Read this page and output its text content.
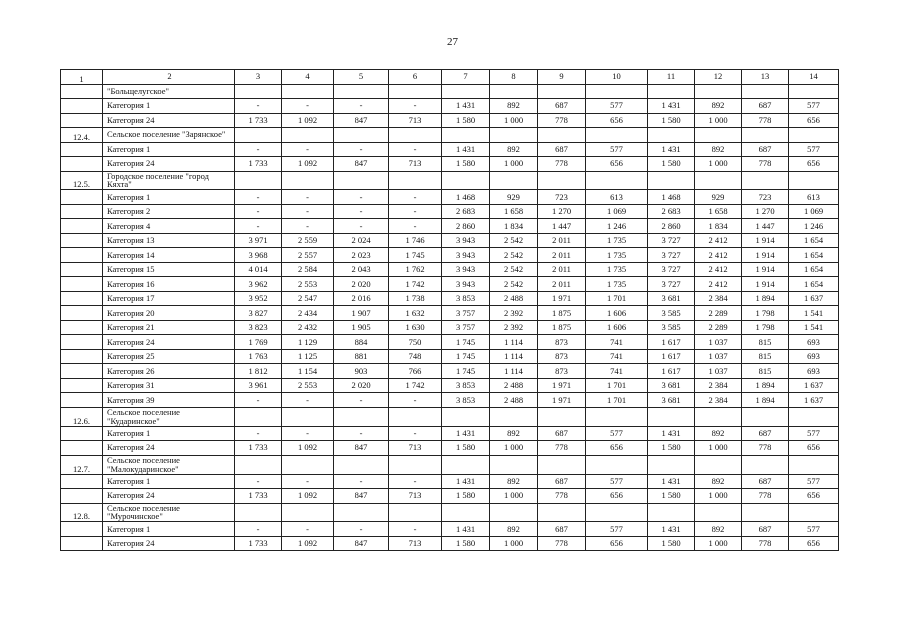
27
1	2	3	4	5	6	7	8	9	10	11	12	13	14
	"Больщелугское"												
	Категория 1	-	-	-	-	1 431	892	687	577	1 431	892	687	577
	Категория 24	1 733	1 092	847	713	1 580	1 000	778	656	1 580	1 000	778	656
12.4.	Сельское поселение "Зарянское"												
	Категория 1	-	-	-	-	1 431	892	687	577	1 431	892	687	577
	Категория 24	1 733	1 092	847	713	1 580	1 000	778	656	1 580	1 000	778	656
12.5.	Городское поселение "город Кяхта"												
	Категория 1	-	-	-	-	1 468	929	723	613	1 468	929	723	613
	Категория 2	-	-	-	-	2 683	1 658	1 270	1 069	2 683	1 658	1 270	1 069
	Категория 4	-	-	-	-	2 860	1 834	1 447	1 246	2 860	1 834	1 447	1 246
	Категория 13	3 971	2 559	2 024	1 746	3 943	2 542	2 011	1 735	3 727	2 412	1 914	1 654
	Категория 14	3 968	2 557	2 023	1 745	3 943	2 542	2 011	1 735	3 727	2 412	1 914	1 654
	Категория 15	4 014	2 584	2 043	1 762	3 943	2 542	2 011	1 735	3 727	2 412	1 914	1 654
	Категория 16	3 962	2 553	2 020	1 742	3 943	2 542	2 011	1 735	3 727	2 412	1 914	1 654
	Категория 17	3 952	2 547	2 016	1 738	3 853	2 488	1 971	1 701	3 681	2 384	1 894	1 637
	Категория 20	3 827	2 434	1 907	1 632	3 757	2 392	1 875	1 606	3 585	2 289	1 798	1 541
	Категория 21	3 823	2 432	1 905	1 630	3 757	2 392	1 875	1 606	3 585	2 289	1 798	1 541
	Категория 24	1 769	1 129	884	750	1 745	1 114	873	741	1 617	1 037	815	693
	Категория 25	1 763	1 125	881	748	1 745	1 114	873	741	1 617	1 037	815	693
	Категория 26	1 812	1 154	903	766	1 745	1 114	873	741	1 617	1 037	815	693
	Категория 31	3 961	2 553	2 020	1 742	3 853	2 488	1 971	1 701	3 681	2 384	1 894	1 637
	Категория 39	-	-	-	-	3 853	2 488	1 971	1 701	3 681	2 384	1 894	1 637
12.6.	Сельское поселение "Кударинское"												
	Категория 1	-	-	-	-	1 431	892	687	577	1 431	892	687	577
	Категория 24	1 733	1 092	847	713	1 580	1 000	778	656	1 580	1 000	778	656
12.7.	Сельское поселение "Малокударинское"												
	Категория 1	-	-	-	-	1 431	892	687	577	1 431	892	687	577
	Категория 24	1 733	1 092	847	713	1 580	1 000	778	656	1 580	1 000	778	656
12.8.	Сельское поселение "Мурочинское"												
	Категория 1	-	-	-	-	1 431	892	687	577	1 431	892	687	577
	Категория 24	1 733	1 092	847	713	1 580	1 000	778	656	1 580	1 000	778	656
